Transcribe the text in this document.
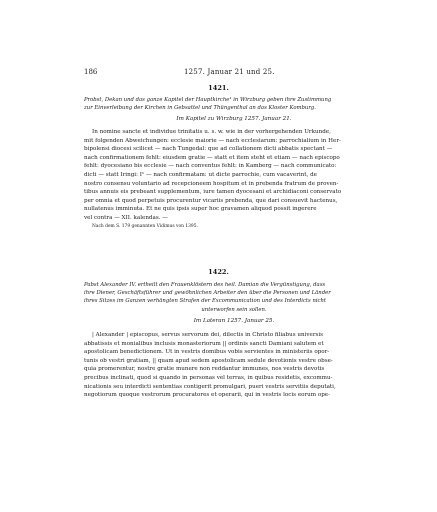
186	1257. Januar 21 und 25.
1421.
Probst, Dekan und das ganze Kapitel der Hauptkirche¹ in Wirzburg geben ihre Zustimmung
zur Einverleibung der Kirchen in Gebsattel und Thüngenthal an das Kloster Komburg.
Im Kapitel zu Wirzburg 1257. Januar 21.
In nomine sancte et individue trinitatis u. s. w. wie in der vorhergehenden Urkunde,
mit folgenden Abweichungen: ecclesie maiorie — nach ecclesiarum: parrochialium in Her-
bipolensi diocesi scilicet — nach Tungedal: que ad collationem dicti abbatis spectant —
nach confirmationem fehlt: eiusdem gratie — statt et item steht et etiam — nach episcopo
fehlt: dyocesiano bis ecclesie — nach conventus fehlt: in Kamberg — nach communicato:
dicti — statt Iringi: I¹ — nach confirmatam: ut dicte parrochie, cum vacaverint, de
nostro consensu voluntario ad recepcioneem hospitum et in prebenda fratrum de proven-
tibus annuis eis prebeant supplementum, iure tamen dyocesani et archidiaconi conservato
per omnia et quod perpetuis procurentur vicariis prebenda, que dari consuevit hactenus,
nullatenus imminuta. Et ne quis ipsis super hoc gravamen aliquod possit ingerere
vel contra — XII. kalendas. —
Nach dem S. 179 genannten Vidimus von 1395.
1422.
Pabst Alexander IV. ertheilt den Frauenklöstern des heil. Damian die Vergünstigung, dass
ihre Diener, Geschäftsführer und gewöhnlichen Arbeiter den über die Personen und Länder
ihres Sitzes im Ganzen verhängten Strafen der Excommunication und des Interdicts nicht
unterworfen sein sollen.
Im Lateran 1257. Januar 25.
| Alexander | episcopus, servus servorum dei, dilectis in Christo filiabus universis
abbatissis et monialibus inclusis monasteriorum || ordinis sancti Damiani salutem et
apostolicam benedictionem. Ut in vestris domibus vobis servientes in ministeriis opor-
tunis ob vestri gratiam, || quam apud sedem apostolicam sedule devotionis vestre obse-
quia promerentur, nostre gratie munere non reddantur immunes, nos vestris devotis
precibus inclinati, quod si quando in personas vel terras, in quibus residetis, excommu-
nicationis seu interdicti sententias contigerit promulgari, pueri vestris servitiis deputati,
negotiorum quoque vestrorum procuratores et operarii, qui in vestris locis eorum ope-
